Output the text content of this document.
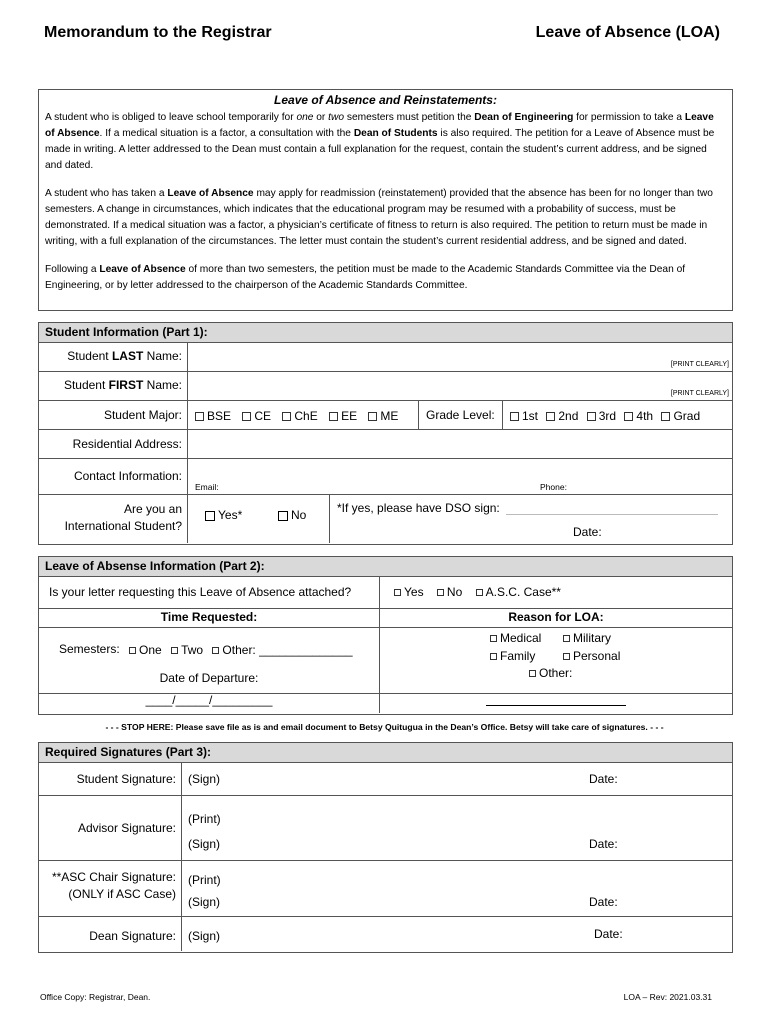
Memorandum to the Registrar	Leave of Absence (LOA)
Leave of Absence and Reinstatements:

A student who is obliged to leave school temporarily for one or two semesters must petition the Dean of Engineering for permission to take a Leave of Absence. If a medical situation is a factor, a consultation with the Dean of Students is also required. The petition for a Leave of Absence must be made in writing. A letter addressed to the Dean must contain a full explanation for the request, contain the student’s current address, and be signed and dated.

A student who has taken a Leave of Absence may apply for readmission (reinstatement) provided that the absence has been for no longer than two semesters. A change in circumstances, which indicates that the educational program may be resumed with a probability of success, must be demonstrated. If a medical situation was a factor, a physician’s certificate of fitness to return is also required. The petition to return must be made in writing, with a full explanation of the circumstances. The letter must contain the student’s current residential address, and be signed and dated.

Following a Leave of Absence of more than two semesters, the petition must be made to the Academic Standards Committee via the Dean of Engineering, or by letter addressed to the chairperson of the Academic Standards Committee.

Student Information (Part 1):
Student LAST Name:
[PRINT CLEARLY]
Student FIRST Name:
[PRINT CLEARLY]
Student Major:	BSE CE ChE EE ME Grade Level:	1st 2nd 3rd 4th Grad
Residential Address:
Contact Information:
Email:	Phone:
Are you an
International Student?
Yes*	No	*If yes, please have DSO sign:
Date:
Leave of Absense Information (Part 2):
Is your letter requesting this Leave of Absence attached?	Yes No A.S.C. Case**
Time Requested:	Reason for LOA:
Semesters: One Two Other: ______________
Date of Departure:
____/_____/_________
Medical	Military
Family	Personal
Other:
- - - STOP HERE: Please save file as is and email document to Betsy Quitugua in the Dean’s Office. Betsy will take care of signatures. - - -
Required Signatures (Part 3):
Student Signature: (Sign)	Date:
Advisor Signature:
(Print)
(Sign)	Date:
**ASC Chair Signature:
(ONLY if ASC Case)
(Print)
(Sign)	Date:
Dean Signature: (Sign)	Date:
Office Copy: Registrar, Dean.	LOA – Rev: 2021.03.31
